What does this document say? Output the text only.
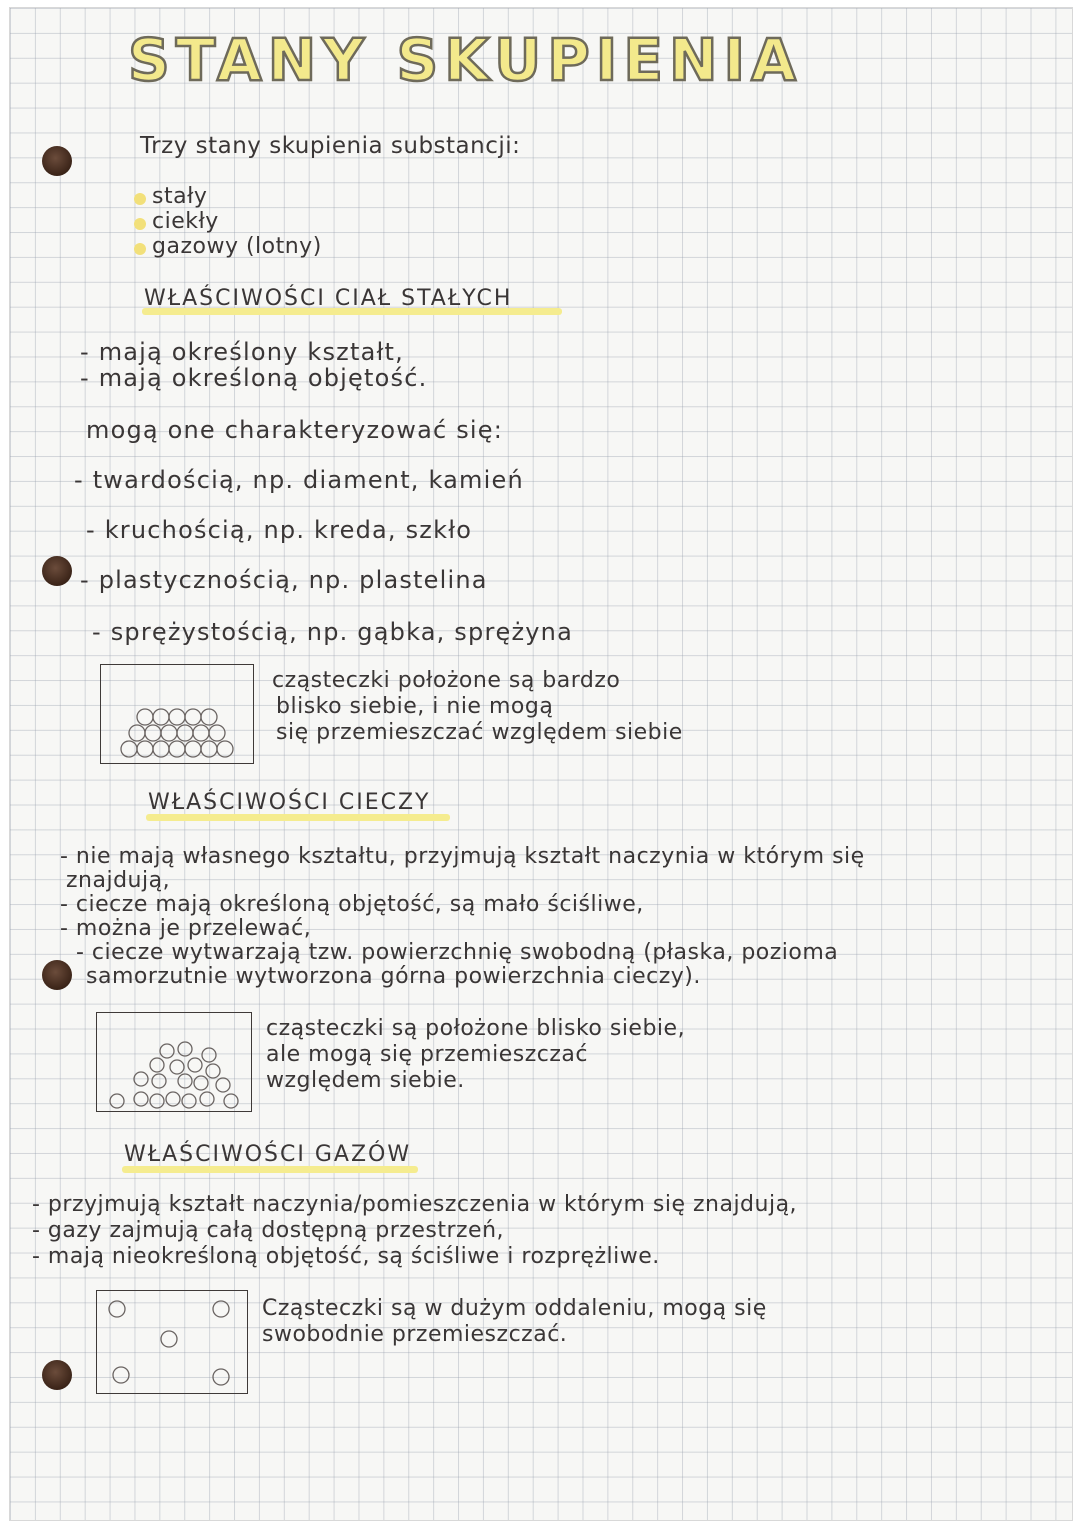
STANY SKUPIENIA
Trzy stany skupienia substancji:
stały
ciekły
gazowy (lotny)
WŁAŚCIWOŚCI CIAŁ STAŁYCH
- mają określony kształt,
- mają określoną objętość.
mogą one charakteryzować się:
- twardością, np. diament, kamień
- kruchością, np. kreda, szkło
- plastycznością, np. plastelina
- sprężystością, np. gąbka, sprężyna
cząsteczki położone są bardzo
blisko siebie, i nie mogą
się przemieszczać względem siebie
WŁAŚCIWOŚCI CIECZY
- nie mają własnego kształtu, przyjmują kształt naczynia w którym się
znajdują,
- ciecze mają określoną objętość, są mało ściśliwe,
- można je przelewać,
- ciecze wytwarzają tzw. powierzchnię swobodną (płaska, pozioma
samorzutnie wytworzona górna powierzchnia cieczy).
cząsteczki są położone blisko siebie,
ale mogą się przemieszczać
względem siebie.
WŁAŚCIWOŚCI GAZÓW
- przyjmują kształt naczynia/pomieszczenia w którym się znajdują,
- gazy zajmują całą dostępną przestrzeń,
- mają nieokreśloną objętość, są ściśliwe i rozprężliwe.
Cząsteczki są w dużym oddaleniu, mogą się
swobodnie przemieszczać.
